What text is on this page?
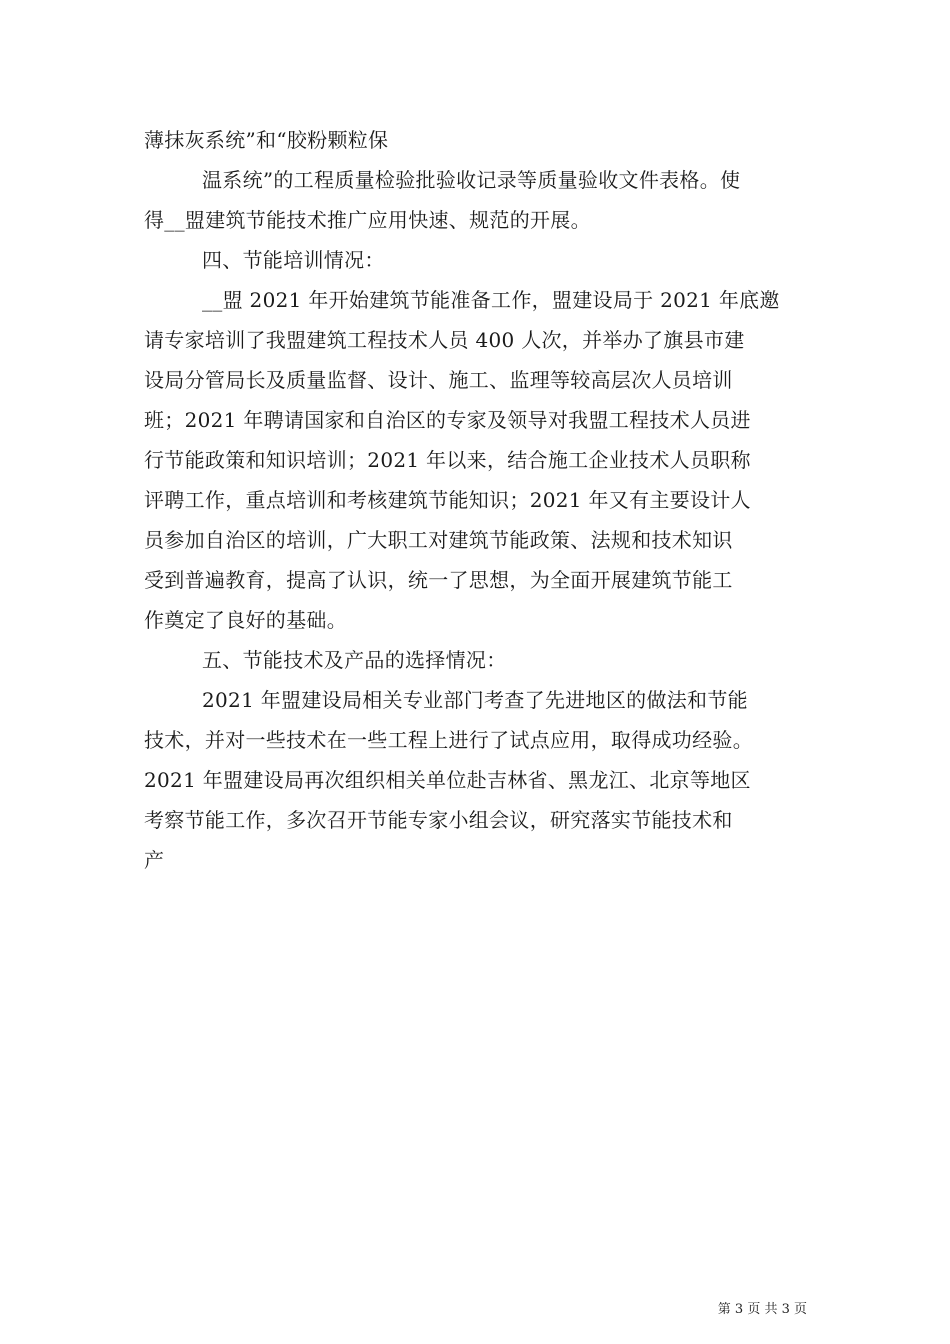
薄抹灰系统”和“胶粉颗粒保
温系统”的工程质量检验批验收记录等质量验收文件表格。使
得__盟建筑节能技术推广应用快速、规范的开展。
四、节能培训情况：
__盟 2021 年开始建筑节能准备工作，盟建设局于 2021 年底邀
请专家培训了我盟建筑工程技术人员 400 人次，并举办了旗县市建
设局分管局长及质量监督、设计、施工、监理等较高层次人员培训
班；2021 年聘请国家和自治区的专家及领导对我盟工程技术人员进
行节能政策和知识培训；2021 年以来，结合施工企业技术人员职称
评聘工作，重点培训和考核建筑节能知识；2021 年又有主要设计人
员参加自治区的培训，广大职工对建筑节能政策、法规和技术知识
受到普遍教育，提高了认识，统一了思想，为全面开展建筑节能工
作奠定了良好的基础。
五、节能技术及产品的选择情况：
2021 年盟建设局相关专业部门考查了先进地区的做法和节能
技术，并对一些技术在一些工程上进行了试点应用，取得成功经验。
2021 年盟建设局再次组织相关单位赴吉林省、黑龙江、北京等地区
考察节能工作，多次召开节能专家小组会议，研究落实节能技术和
产
第 3 页 共 3 页
